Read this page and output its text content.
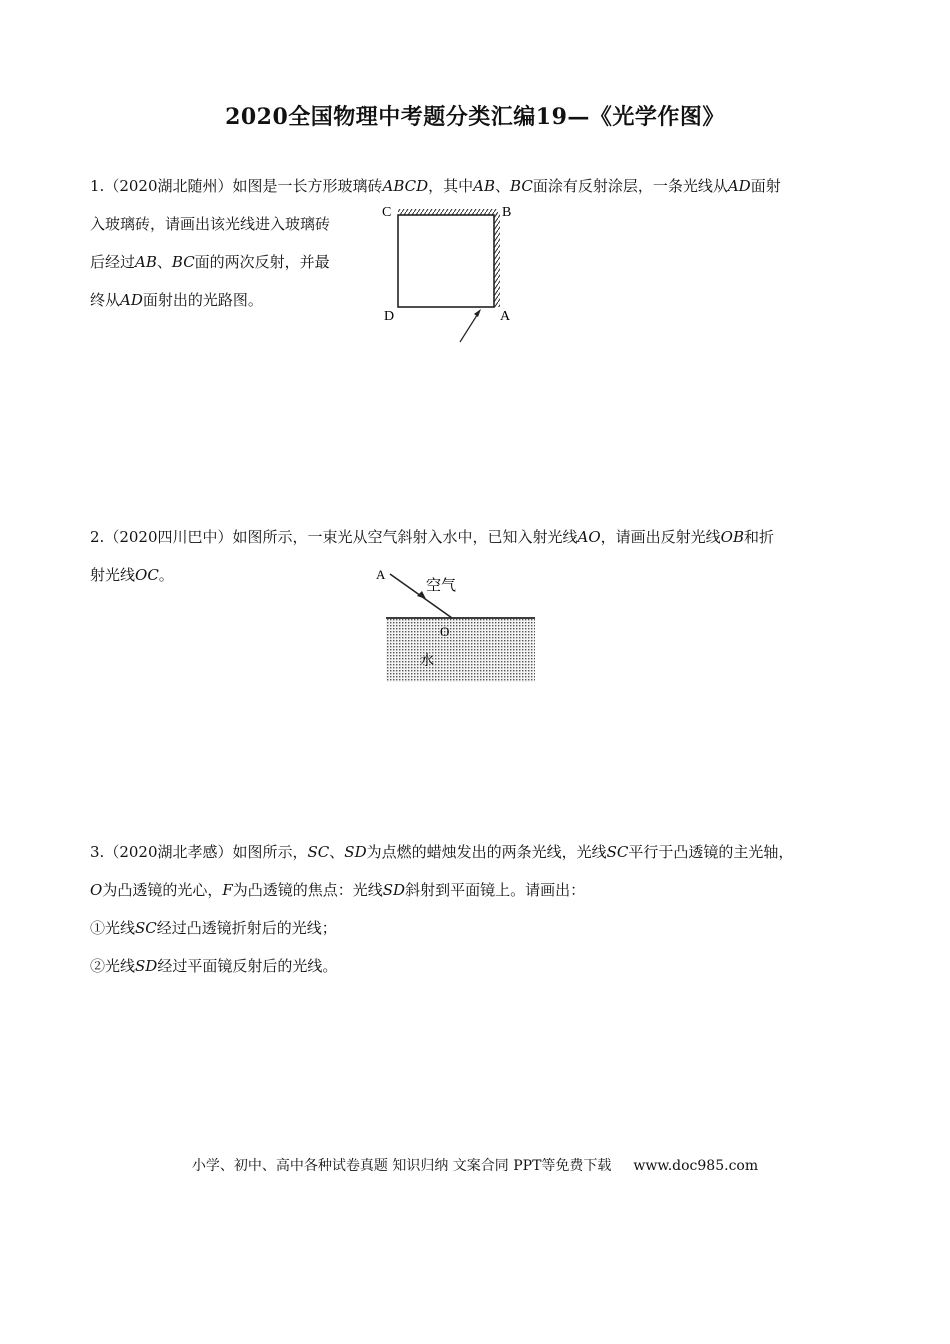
2020全国物理中考题分类汇编19—《光学作图》
1.（2020湖北随州）如图是一长方形玻璃砖ABCD，其中AB、BC面涂有反射涂层，一条光线从AD面射
入玻璃砖，请画出该光线进入玻璃砖
后经过AB、BC面的两次反射，并最
终从AD面射出的光路图。
C	B
D	A
2.（2020四川巴中）如图所示，一束光从空气斜射入水中，已知入射光线AO，请画出反射光线OB和折
射光线OC。	A
空气
O
水
3.（2020湖北孝感）如图所示，SC、SD为点燃的蜡烛发出的两条光线，光线SC平行于凸透镜的主光轴，
O为凸透镜的光心，F为凸透镜的焦点：光线SD斜射到平面镜上。请画出：
①光线SC经过凸透镜折射后的光线；
②光线SD经过平面镜反射后的光线。
小学、初中、高中各种试卷真题 知识归纳 文案合同 PPT等免费下载 www.doc985.com
